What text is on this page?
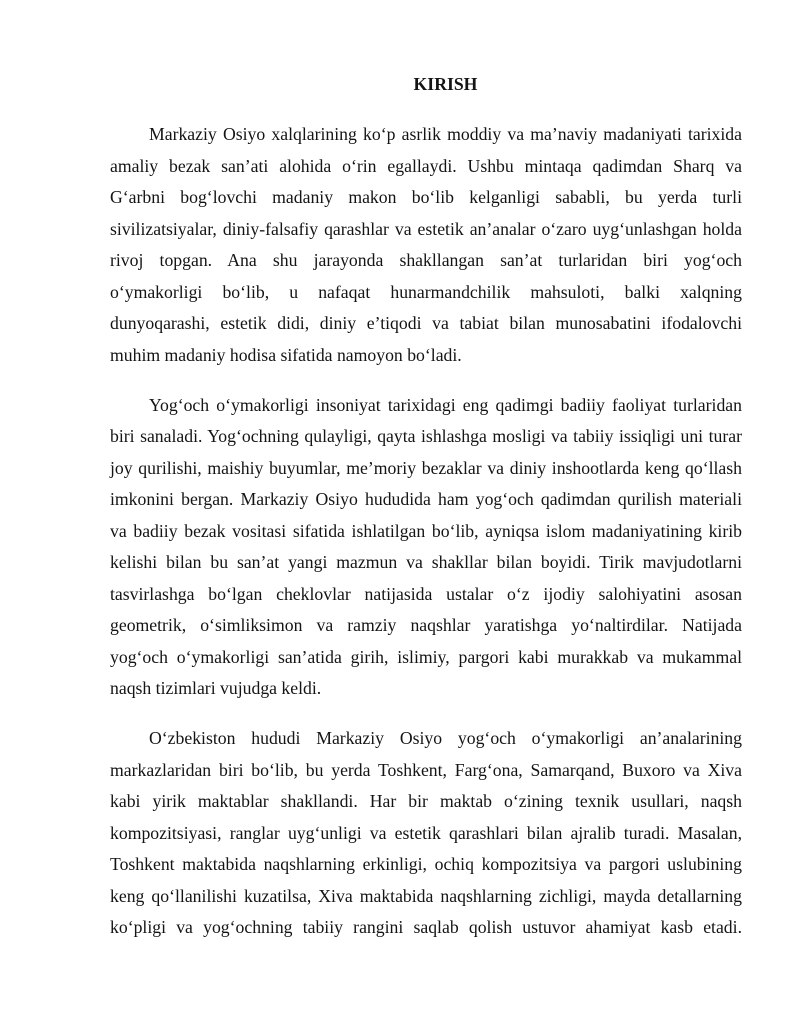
KIRISH
Markaziy Osiyo xalqlarining ko‘p asrlik moddiy va ma’naviy madaniyati tarixida
amaliy bezak san’ati alohida o‘rin egallaydi. Ushbu mintaqa qadimdan Sharq va
G‘arbni bog‘lovchi madaniy makon bo‘lib kelganligi sababli, bu yerda turli
sivilizatsiyalar, diniy-falsafiy qarashlar va estetik an’analar o‘zaro uyg‘unlashgan holda
rivoj topgan. Ana shu jarayonda shakllangan san’at turlaridan biri yog‘och
o‘ymakorligi bo‘lib, u nafaqat hunarmandchilik mahsuloti, balki xalqning
dunyoqarashi, estetik didi, diniy e’tiqodi va tabiat bilan munosabatini ifodalovchi
muhim madaniy hodisa sifatida namoyon bo‘ladi.
Yog‘och o‘ymakorligi insoniyat tarixidagi eng qadimgi badiiy faoliyat turlaridan
biri sanaladi. Yog‘ochning qulayligi, qayta ishlashga mosligi va tabiiy issiqligi uni turar
joy qurilishi, maishiy buyumlar, me’moriy bezaklar va diniy inshootlarda keng qo‘llash
imkonini bergan. Markaziy Osiyo hududida ham yog‘och qadimdan qurilish materiali
va badiiy bezak vositasi sifatida ishlatilgan bo‘lib, ayniqsa islom madaniyatining kirib
kelishi bilan bu san’at yangi mazmun va shakllar bilan boyidi. Tirik mavjudotlarni
tasvirlashga bo‘lgan cheklovlar natijasida ustalar o‘z ijodiy salohiyatini asosan
geometrik, o‘simliksimon va ramziy naqshlar yaratishga yo‘naltirdilar. Natijada
yog‘och o‘ymakorligi san’atida girih, islimiy, pargori kabi murakkab va mukammal
naqsh tizimlari vujudga keldi.
O‘zbekiston hududi Markaziy Osiyo yog‘och o‘ymakorligi an’analarining
markazlaridan biri bo‘lib, bu yerda Toshkent, Farg‘ona, Samarqand, Buxoro va Xiva
kabi yirik maktablar shakllandi. Har bir maktab o‘zining texnik usullari, naqsh
kompozitsiyasi, ranglar uyg‘unligi va estetik qarashlari bilan ajralib turadi. Masalan,
Toshkent maktabida naqshlarning erkinligi, ochiq kompozitsiya va pargori uslubining
keng qo‘llanilishi kuzatilsa, Xiva maktabida naqshlarning zichligi, mayda detallarning
ko‘pligi va yog‘ochning tabiiy rangini saqlab qolish ustuvor ahamiyat kasb etadi.
